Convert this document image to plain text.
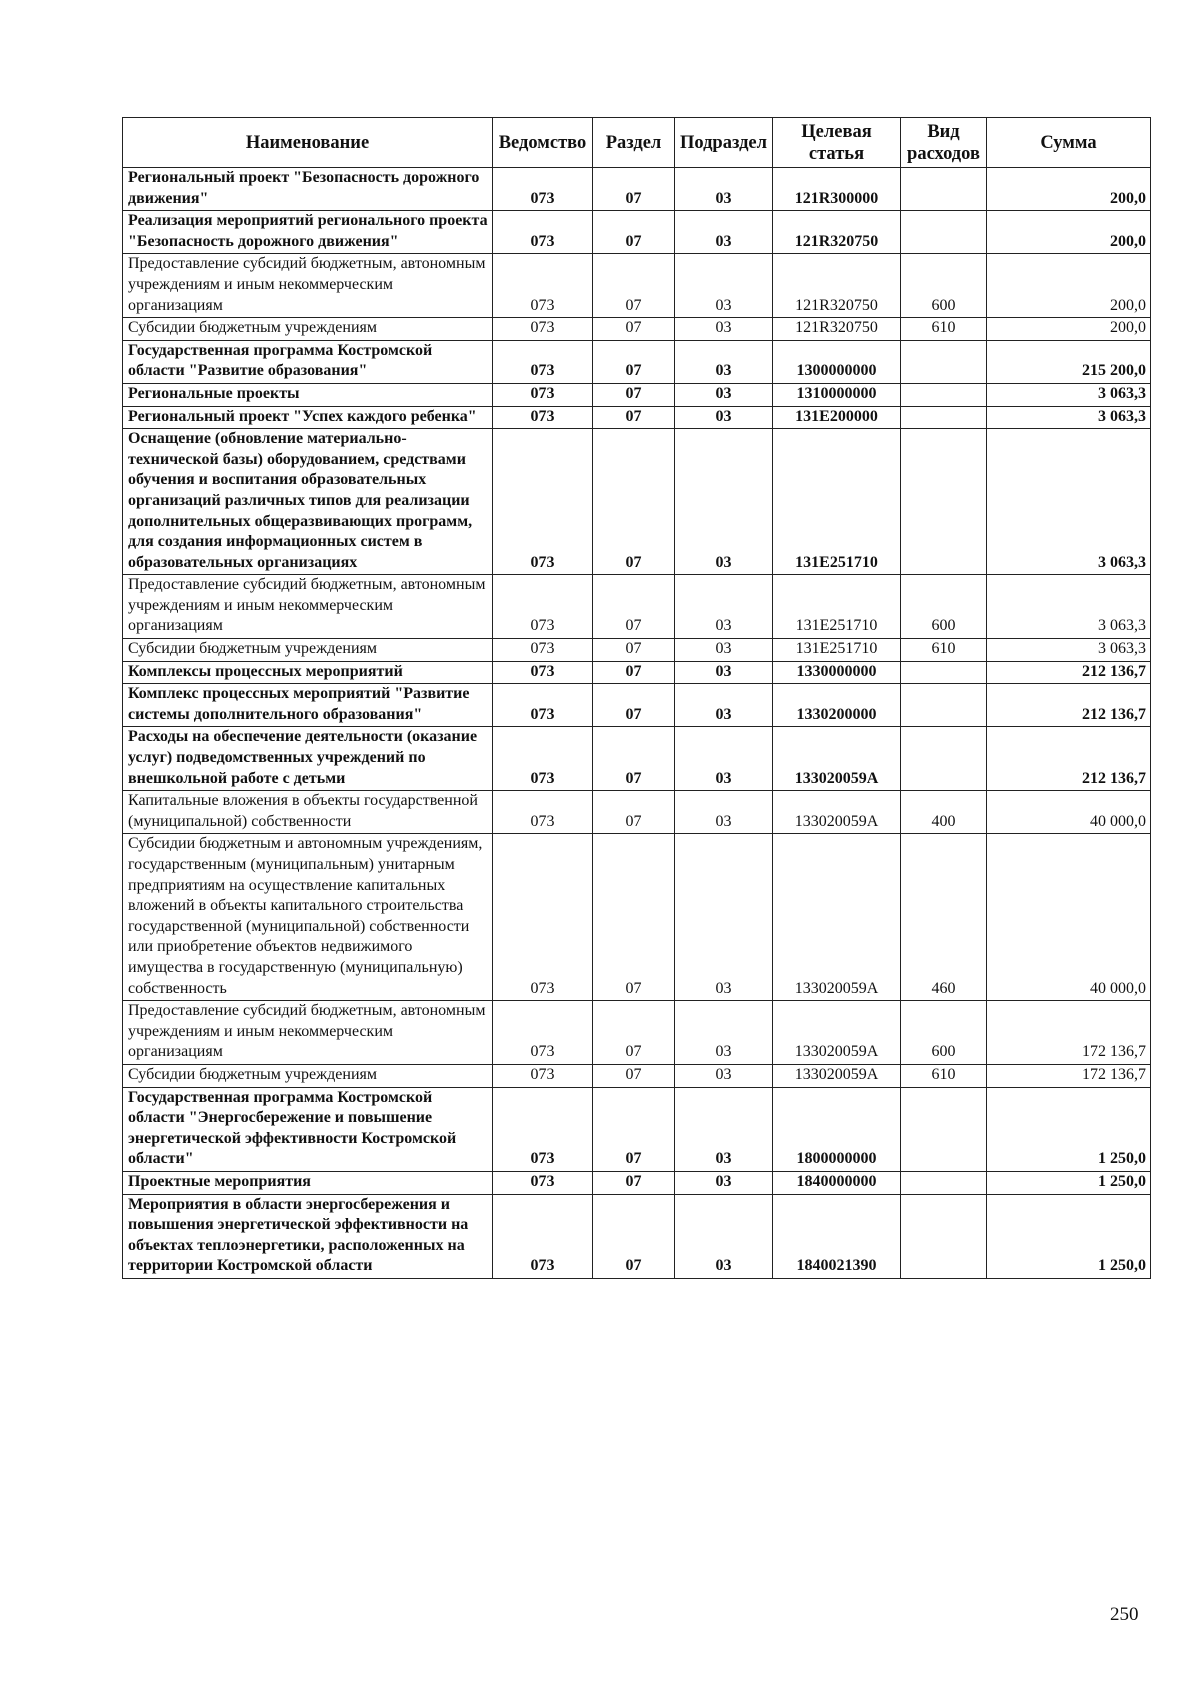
Наименование	Ведомство	Раздел	Подраздел	Целевая статья	Вид расходов	Сумма
Региональный проект "Безопасность дорожного движения"	073	07	03	121R300000		200,0
Реализация мероприятий регионального проекта "Безопасность дорожного движения"	073	07	03	121R320750		200,0
Предоставление субсидий бюджетным, автономным учреждениям и иным некоммерческим организациям	073	07	03	121R320750	600	200,0
Субсидии бюджетным учреждениям	073	07	03	121R320750	610	200,0
Государственная программа Костромской области "Развитие образования"	073	07	03	1300000000		215 200,0
Региональные проекты	073	07	03	1310000000		3 063,3
Региональный проект "Успех каждого ребенка"	073	07	03	131E200000		3 063,3
Оснащение (обновление материально-технической базы) оборудованием, средствами обучения и воспитания образовательных организаций различных типов для реализации дополнительных общеразвивающих программ, для создания информационных систем в образовательных организациях	073	07	03	131E251710		3 063,3
Предоставление субсидий бюджетным, автономным учреждениям и иным некоммерческим организациям	073	07	03	131E251710	600	3 063,3
Субсидии бюджетным учреждениям	073	07	03	131E251710	610	3 063,3
Комплексы процессных мероприятий	073	07	03	1330000000		212 136,7
Комплекс процессных мероприятий "Развитие системы дополнительного образования"	073	07	03	1330200000		212 136,7
Расходы на обеспечение деятельности (оказание услуг) подведомственных учреждений по внешкольной работе с детьми	073	07	03	133020059A		212 136,7
Капитальные вложения в объекты государственной (муниципальной) собственности	073	07	03	133020059A	400	40 000,0
Субсидии бюджетным и автономным учреждениям, государственным (муниципальным) унитарным предприятиям на осуществление капитальных вложений в объекты капитального строительства государственной (муниципальной) собственности или приобретение объектов недвижимого имущества в государственную (муниципальную) собственность	073	07	03	133020059A	460	40 000,0
Предоставление субсидий бюджетным, автономным учреждениям и иным некоммерческим организациям	073	07	03	133020059A	600	172 136,7
Субсидии бюджетным учреждениям	073	07	03	133020059A	610	172 136,7
Государственная программа Костромской области "Энергосбережение и повышение энергетической эффективности Костромской области"	073	07	03	1800000000		1 250,0
Проектные мероприятия	073	07	03	1840000000		1 250,0
Мероприятия в области энергосбережения и повышения энергетической эффективности на объектах теплоэнергетики, расположенных на территории Костромской области	073	07	03	1840021390		1 250,0
250
